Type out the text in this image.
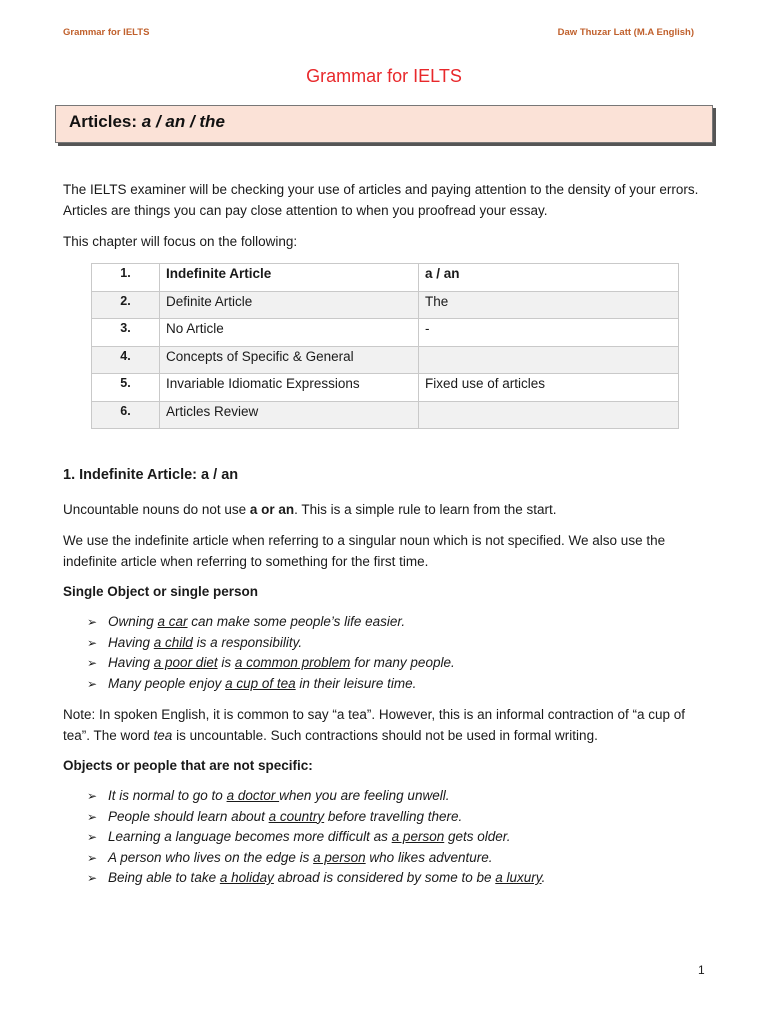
Grammar for IELTS	Daw Thuzar Latt (M.A English)
Grammar for IELTS
Articles: a / an / the
The IELTS examiner will be checking your use of articles and paying attention to the density of your errors. Articles are things you can pay close attention to when you proofread your essay.
This chapter will focus on the following:
1.	Indefinite Article	a / an
2.	Definite Article	The
3.	No Article	-
4.	Concepts of Specific & General	
5.	Invariable Idiomatic Expressions	Fixed use of articles
6.	Articles Review	
1. Indefinite Article: a / an
Uncountable nouns do not use a or an. This is a simple rule to learn from the start.
We use the indefinite article when referring to a singular noun which is not specified. We also use the indefinite article when referring to something for the first time.
Single Object or single person
➢ Owning a car can make some people’s life easier.
➢ Having a child is a responsibility.
➢ Having a poor diet is a common problem for many people.
➢ Many people enjoy a cup of tea in their leisure time.
Note: In spoken English, it is common to say “a tea”. However, this is an informal contraction of “a cup of tea”. The word tea is uncountable. Such contractions should not be used in formal writing.
Objects or people that are not specific:
➢ It is normal to go to a doctor when you are feeling unwell.
➢ People should learn about a country before travelling there.
➢ Learning a language becomes more difficult as a person gets older.
➢ A person who lives on the edge is a person who likes adventure.
➢ Being able to take a holiday abroad is considered by some to be a luxury.
1
